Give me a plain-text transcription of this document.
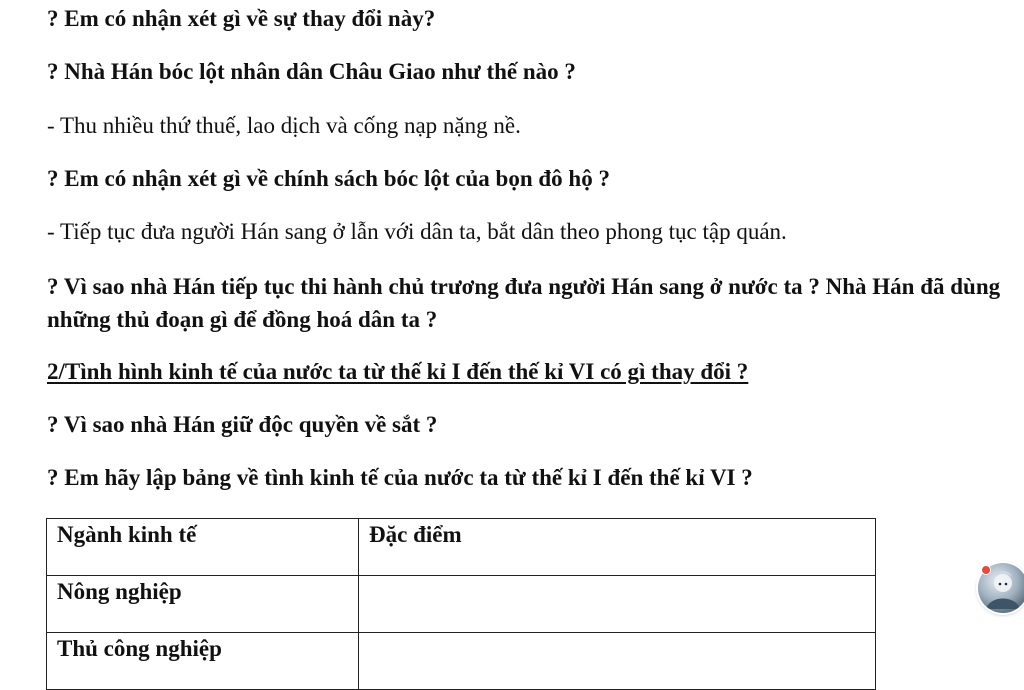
? Em có nhận xét gì về sự thay đổi này?
? Nhà Hán bóc lột nhân dân Châu Giao như thế nào ?
- Thu nhiều thứ thuế, lao dịch và cống nạp nặng nề.
? Em có nhận xét gì về chính sách bóc lột của bọn đô hộ ?
- Tiếp tục đưa người Hán sang ở lẫn với dân ta, bắt dân theo phong tục tập quán.
? Vì sao nhà Hán tiếp tục thi hành chủ trương đưa người Hán sang ở nước ta ? Nhà Hán đã dùng những thủ đoạn gì để đồng hoá dân ta ?
2/Tình hình kinh tế của nước ta từ thế kỉ I đến thế kỉ VI có gì thay đổi ?
? Vì sao nhà Hán giữ độc quyền về sắt ?
? Em hãy lập bảng về tình kinh tế của nước ta từ thế kỉ I đến thế kỉ VI ?
Ngành kinh tế	Đặc điểm
Nông nghiệp	
Thủ công nghiệp	
